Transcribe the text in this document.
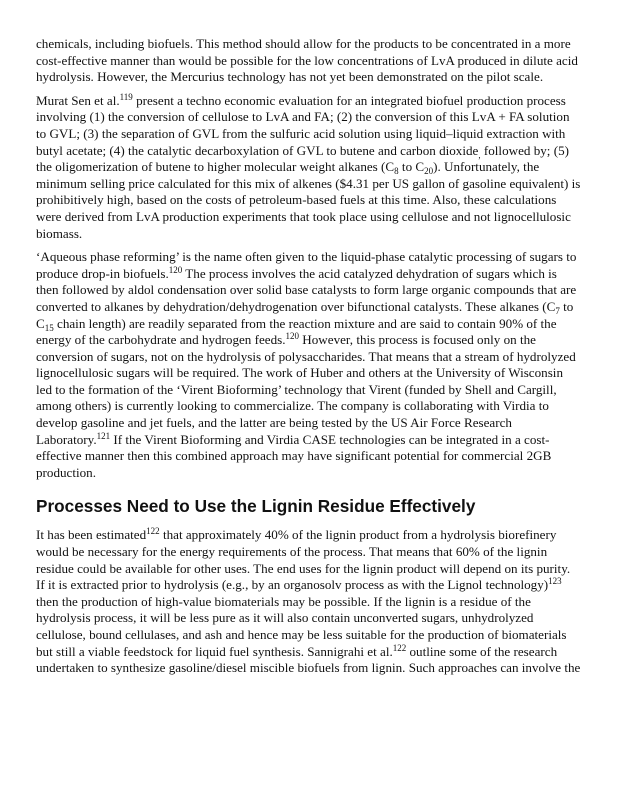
chemicals, including biofuels. This method should allow for the products to be concentrated in a more cost-effective manner than would be possible for the low concentrations of LvA produced in dilute acid hydrolysis. However, the Mercurius technology has not yet been demonstrated on the pilot scale.

Murat Sen et al.$^{119}$ present a techno economic evaluation for an integrated biofuel production process involving (1) the conversion of cellulose to LvA and FA; (2) the conversion of this LvA + FA solution to GVL; (3) the separation of GVL from the sulfuric acid solution using liquid–liquid extraction with butyl acetate; (4) the catalytic decarboxylation of GVL to butene and carbon dioxide$_,$ followed by; (5) the oligomerization of butene to higher molecular weight alkanes ($C_8$ to $C_{20}$). Unfortunately, the minimum selling price calculated for this mix of alkenes ($4.31 per US gallon of gasoline equivalent) is prohibitively high, based on the costs of petroleum-based fuels at this time. Also, these calculations were derived from LvA production experiments that took place using cellulose and not lignocellulosic biomass.

‘Aqueous phase reforming’ is the name often given to the liquid-phase catalytic processing of sugars to produce drop-in biofuels.$^{120}$ The process involves the acid catalyzed dehydration of sugars which is then followed by aldol condensation over solid base catalysts to form large organic compounds that are converted to alkanes by dehydration/dehydrogenation over bifunctional catalysts. These alkanes ($C_7$ to $C_{15}$ chain length) are readily separated from the reaction mixture and are said to contain 90% of the energy of the carbohydrate and hydrogen feeds.$^{120}$ However, this process is focused only on the conversion of sugars, not on the hydrolysis of polysaccharides. That means that a stream of hydrolyzed lignocellulosic sugars will be required. The work of Huber and others at the University of Wisconsin led to the formation of the ‘Virent Bioforming’ technology that Virent (funded by Shell and Cargill, among others) is currently looking to commercialize. The company is collaborating with Virdia to develop gasoline and jet fuels, and the latter are being tested by the US Air Force Research Laboratory.$^{121}$ If the Virent Bioforming and Virdia CASE technologies can be integrated in a cost-effective manner then this combined approach may have significant potential for commercial 2GB production.

Processes Need to Use the Lignin Residue Effectively

It has been estimated$^{122}$ that approximately 40% of the lignin product from a hydrolysis biorefinery would be necessary for the energy requirements of the process. That means that 60% of the lignin residue could be available for other uses. The end uses for the lignin product will depend on its purity. If it is extracted prior to hydrolysis (e.g., by an organosolv process as with the Lignol technology)$^{123}$ then the production of high-value biomaterials may be possible. If the lignin is a residue of the hydrolysis process, it will be less pure as it will also contain unconverted sugars, unhydrolyzed cellulose, bound cellulases, and ash and hence may be less suitable for the production of biomaterials but still a viable feedstock for liquid fuel synthesis. Sannigrahi et al.$^{122}$ outline some of the research undertaken to synthesize gasoline/diesel miscible biofuels from lignin. Such approaches can involve the
